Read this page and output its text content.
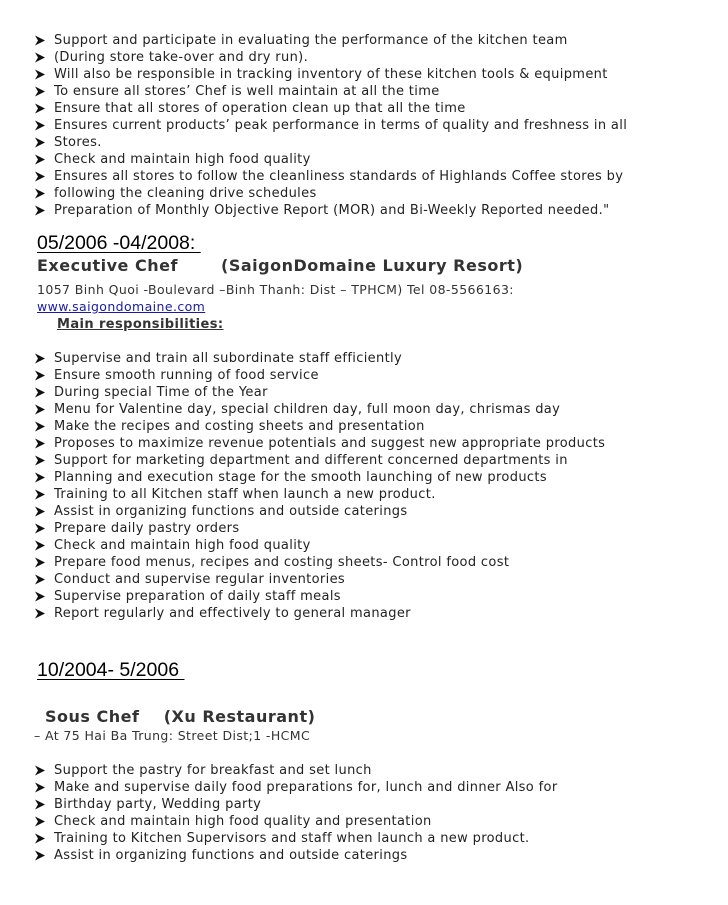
Support and participate in evaluating the performance of the kitchen team
(During store take-over and dry run).
Will also be responsible in tracking inventory of these kitchen tools & equipment
To ensure all stores’ Chef is well maintain at all the time
Ensure that all stores of operation clean up that all the time
Ensures current products’ peak performance in terms of quality and freshness in all
Stores.
Check and maintain high food quality
Ensures all stores to follow the cleanliness standards of Highlands Coffee stores by
following the cleaning drive schedules
Preparation of Monthly Objective Report (MOR) and Bi-Weekly Reported needed."
05/2006 -04/2008:
Executive Chef	(SaigonDomaine Luxury Resort)
1057 Binh Quoi -Boulevard –Binh Thanh: Dist – TPHCM) Tel 08-5566163:
www.saigondomaine.com
Main responsibilities:
Supervise and train all subordinate staff efficiently
Ensure smooth running of food service
During special Time of the Year
Menu for Valentine day, special children day, full moon day, chrismas day
Make the recipes and costing sheets and presentation
Proposes to maximize revenue potentials and suggest new appropriate products
Support for marketing department and different concerned departments in
Planning and execution stage for the smooth launching of new products
Training to all Kitchen staff when launch a new product.
Assist in organizing functions and outside caterings
Prepare daily pastry orders
Check and maintain high food quality
Prepare food menus, recipes and costing sheets- Control food cost
Conduct and supervise regular inventories
Supervise preparation of daily staff meals
Report regularly and effectively to general manager
10/2004- 5/2006
Sous Chef    (Xu Restaurant)
– At 75 Hai Ba Trung: Street Dist;1 -HCMC
Support the pastry for breakfast and set lunch
Make and supervise daily food preparations for, lunch and dinner Also for
Birthday party, Wedding party
Check and maintain high food quality and presentation
Training to Kitchen Supervisors and staff when launch a new product.
Assist in organizing functions and outside caterings
